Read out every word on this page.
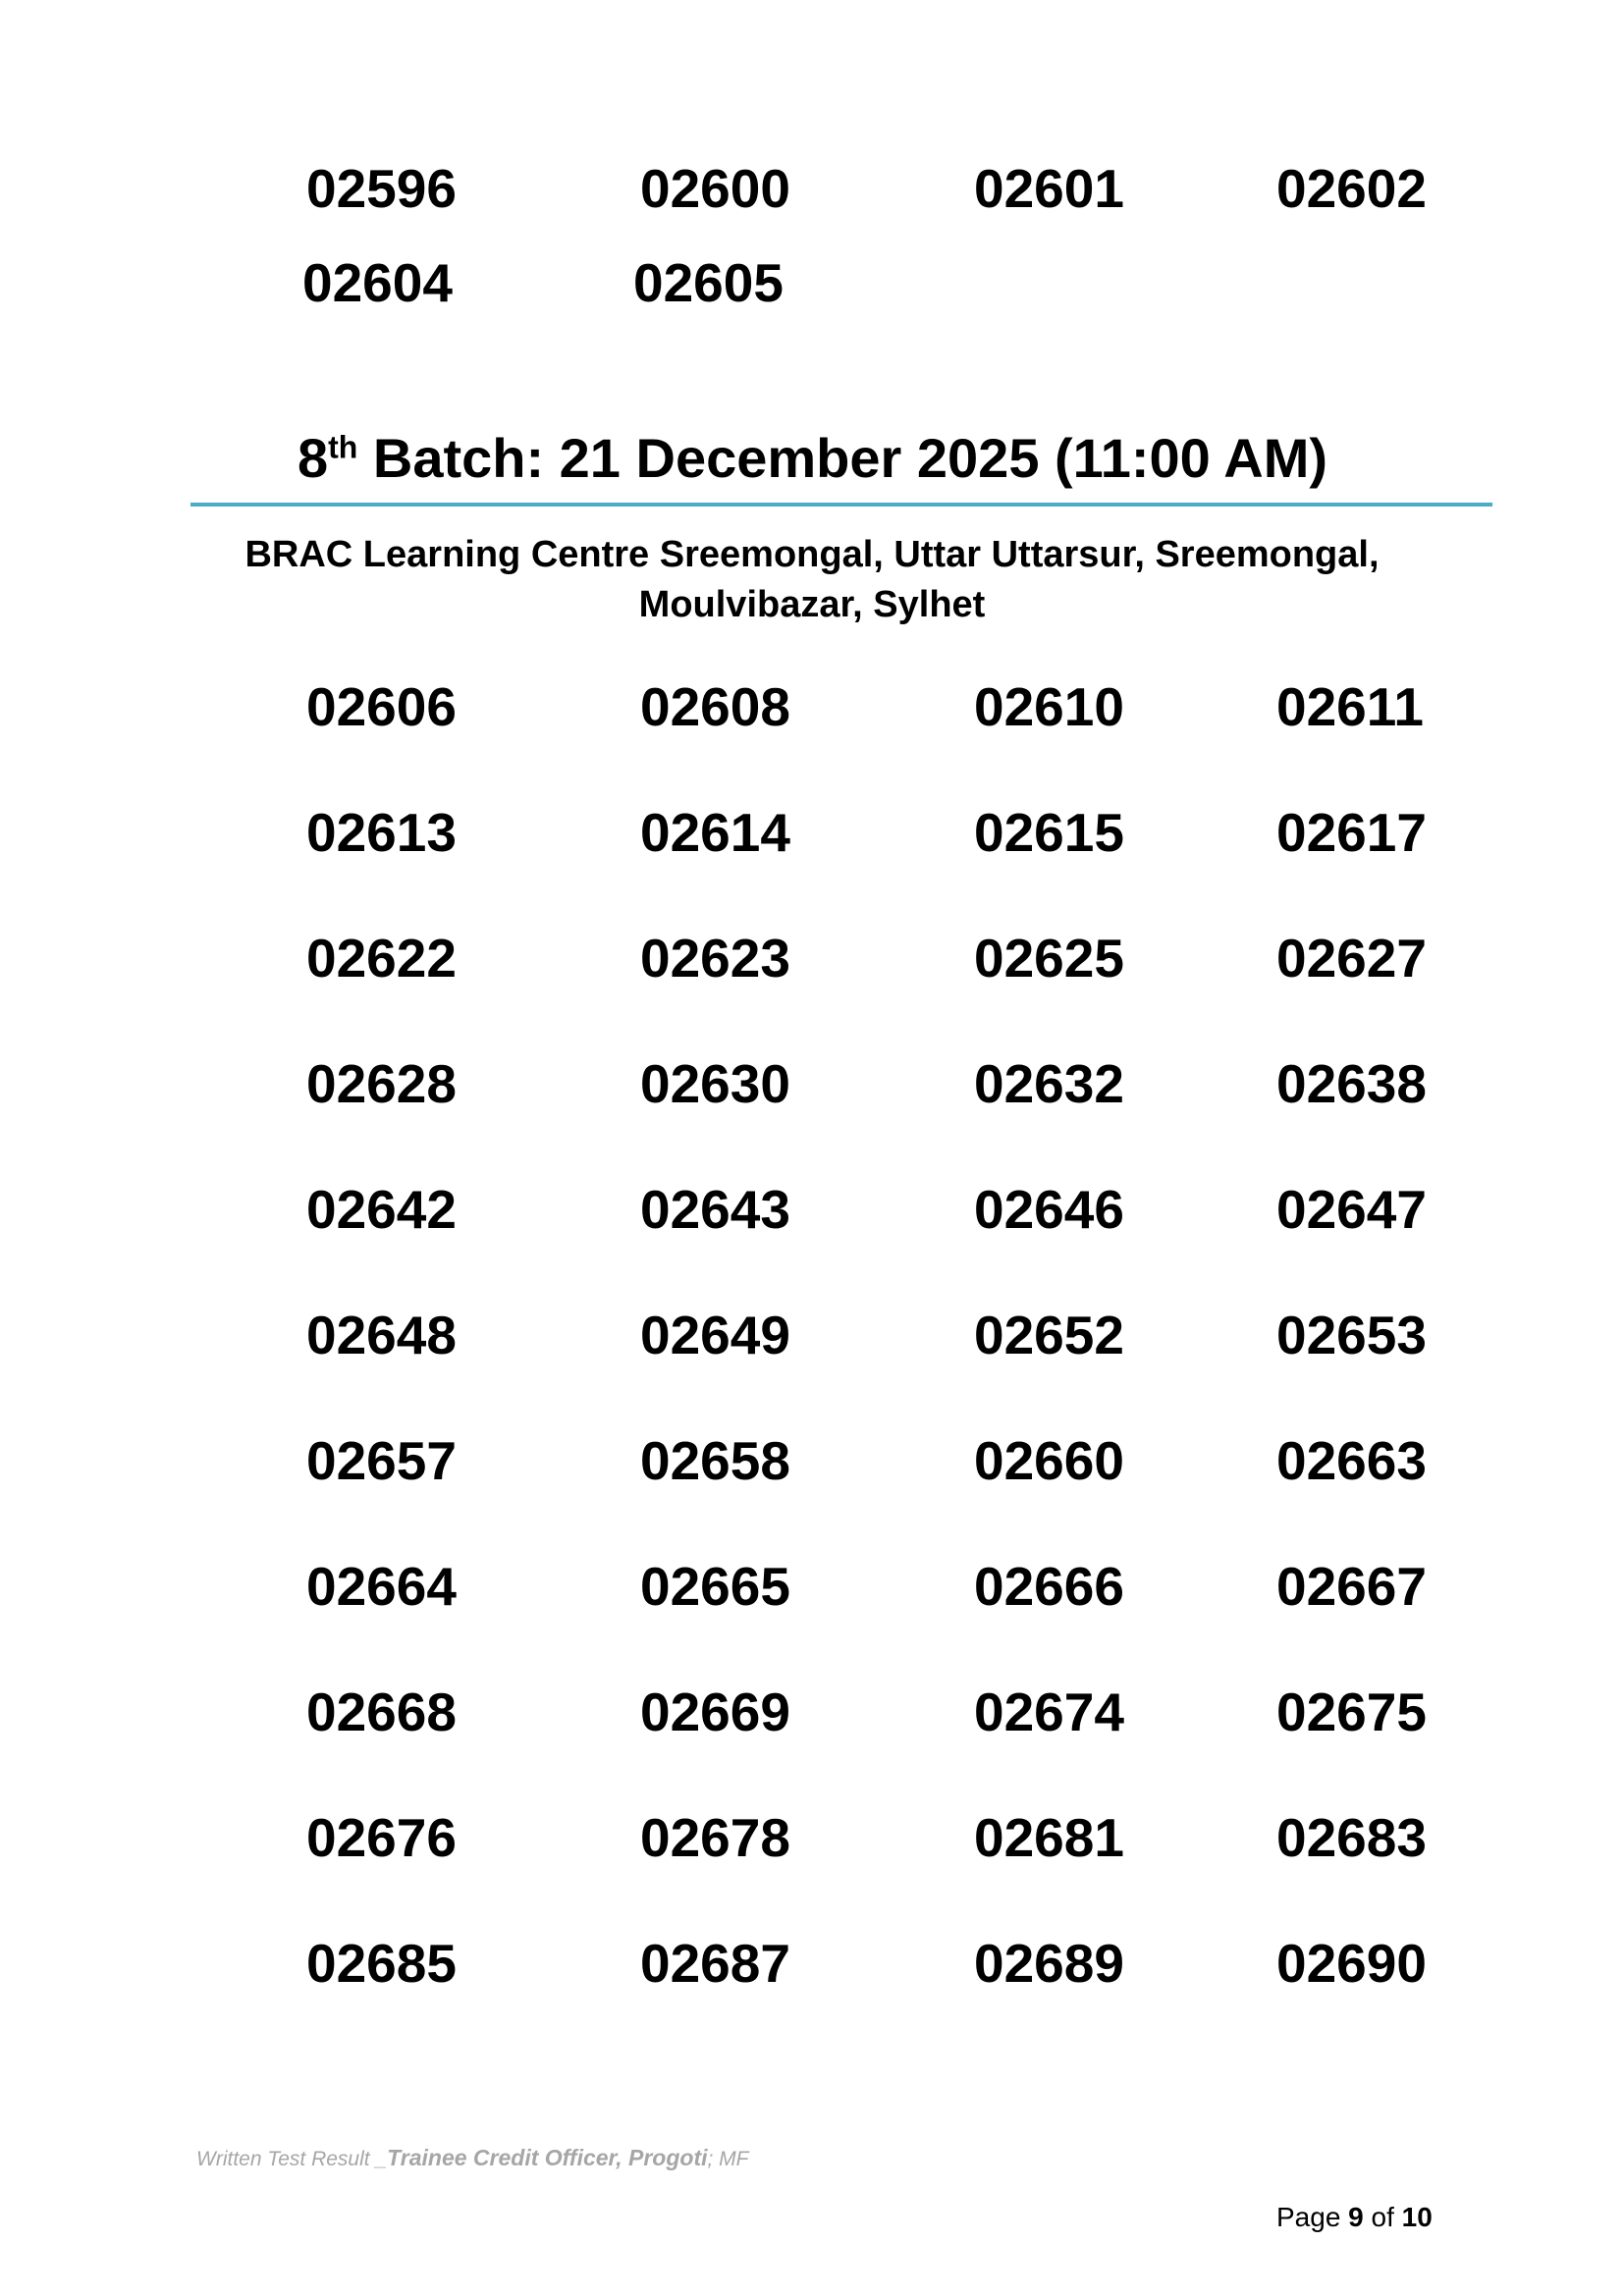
02596	02600	02601	02602
02604	02605
8th Batch: 21 December 2025 (11:00 AM)
BRAC Learning Centre Sreemongal, Uttar Uttarsur, Sreemongal,
Moulvibazar, Sylhet
02606	02608	02610	02611
02613	02614	02615	02617
02622	02623	02625	02627
02628	02630	02632	02638
02642	02643	02646	02647
02648	02649	02652	02653
02657	02658	02660	02663
02664	02665	02666	02667
02668	02669	02674	02675
02676	02678	02681	02683
02685	02687	02689	02690
Written Test Result _Trainee Credit Officer, Progoti; MF
Page 9 of 10
